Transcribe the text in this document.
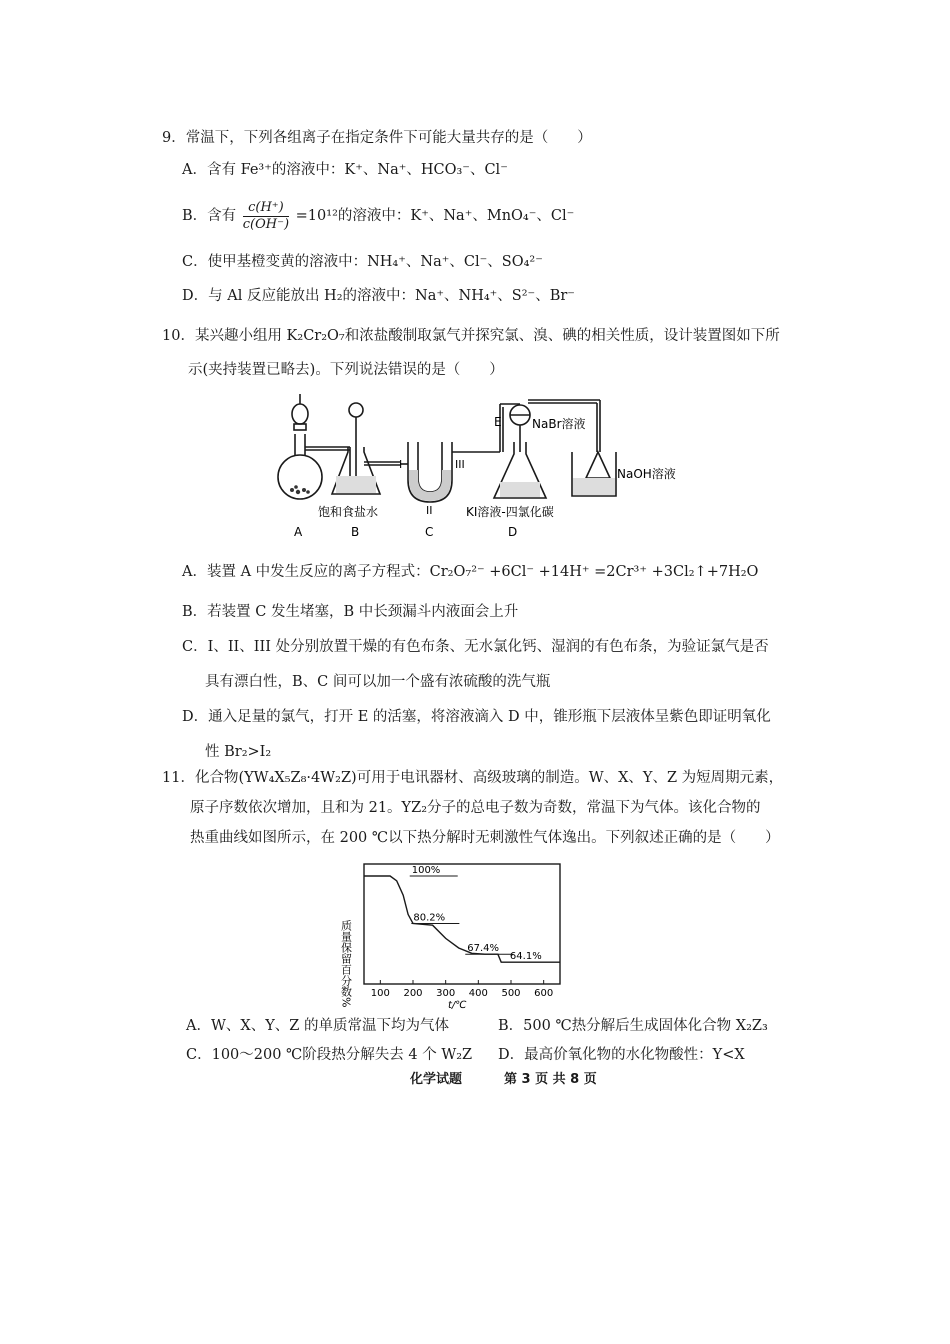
9．常温下，下列各组离子在指定条件下可能大量共存的是（　　）
A．含有 Fe³⁺的溶液中：K⁺、Na⁺、HCO₃⁻、Cl⁻
B．含有 $\frac{c(H^+)}{c(OH^-)} =10^{12}$的溶液中：K⁺、Na⁺、MnO₄⁻、Cl⁻
C．使甲基橙变黄的溶液中：NH₄⁺、Na⁺、Cl⁻、SO₄²⁻
D．与 Al 反应能放出 H₂的溶液中：Na⁺、NH₄⁺、S²⁻、Br⁻
10．某兴趣小组用 K₂Cr₂O₇和浓盐酸制取氯气并探究氯、溴、碘的相关性质，设计装置图如下所
示(夹持装置已略去)。下列说法错误的是（　　）
E	NaBr溶液
NaOH溶液
饱和食盐水	KI溶液-四氯化碳
I
II
III
A	B	C	D
A．装置 A 中发生反应的离子方程式：Cr₂O₇²⁻ +6Cl⁻ +14H⁺ =2Cr³⁺ +3Cl₂↑+7H₂O
B．若装置 C 发生堵塞，B 中长颈漏斗内液面会上升
C．I、II、III 处分别放置干燥的有色布条、无水氯化钙、湿润的有色布条，为验证氯气是否
具有漂白性，B、C 间可以加一个盛有浓硫酸的洗气瓶
D．通入足量的氯气，打开 E 的活塞，将溶液滴入 D 中，锥形瓶下层液体呈紫色即证明氧化
性 Br₂>I₂
11．化合物(YW₄X₅Z₈·4W₂Z)可用于电讯器材、高级玻璃的制造。W、X、Y、Z 为短周期元素，
原子序数依次增加，且和为 21。YZ₂分子的总电子数为奇数，常温下为气体。该化合物的
热重曲线如图所示，在 200 ℃以下热分解时无刺激性气体逸出。下列叙述正确的是（　　）
质量保留百分数%	t/℃
100 200 300 400 500 600
100%
80.2%
67.4%
64.1%
A．W、X、Y、Z 的单质常温下均为气体	B．500 ℃热分解后生成固体化合物 X₂Z₃
C．100～200 ℃阶段热分解失去 4 个 W₂Z D．最高价氧化物的水化物酸性：Y<X
化学试题	第 3 页 共 8 页
